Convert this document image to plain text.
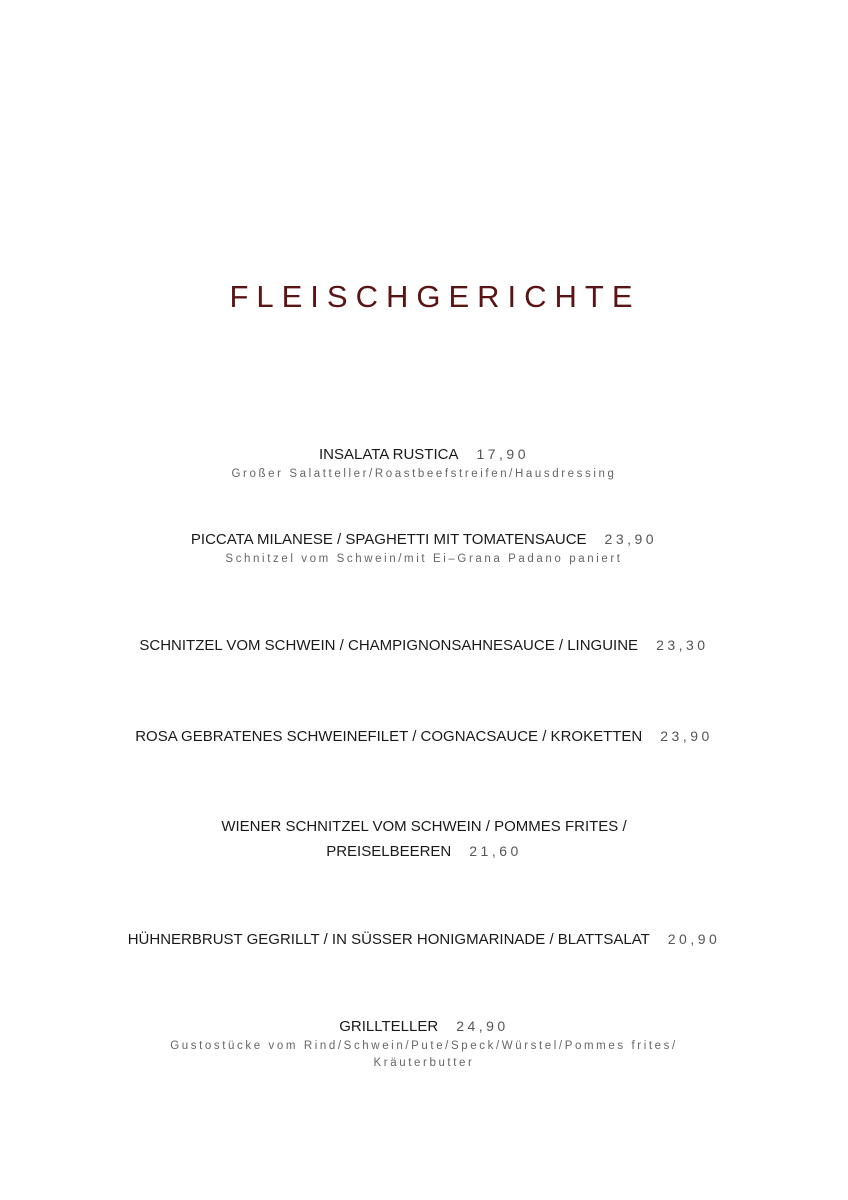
FLEISCHGERICHTE
INSALATA RUSTICA 17,90
Großer Salatteller/Roastbeefstreifen/Hausdressing
PICCATA MILANESE / SPAGHETTI MIT TOMATENSAUCE 23,90
Schnitzel vom Schwein/mit Ei–Grana Padano paniert
SCHNITZEL VOM SCHWEIN / CHAMPIGNONSAHNESAUCE / LINGUINE 23,30
ROSA GEBRATENES SCHWEINEFILET / COGNACSAUCE / KROKETTEN 23,90
WIENER SCHNITZEL VOM SCHWEIN / POMMES FRITES /
PREISELBEEREN 21,60
HÜHNERBRUST GEGRILLT / IN SÜSSER HONIGMARINADE / BLATTSALAT 20,90
GRILLTELLER 24,90
Gustostücke vom Rind/Schwein/Pute/Speck/Würstel/Pommes frites/
Kräuterbutter
